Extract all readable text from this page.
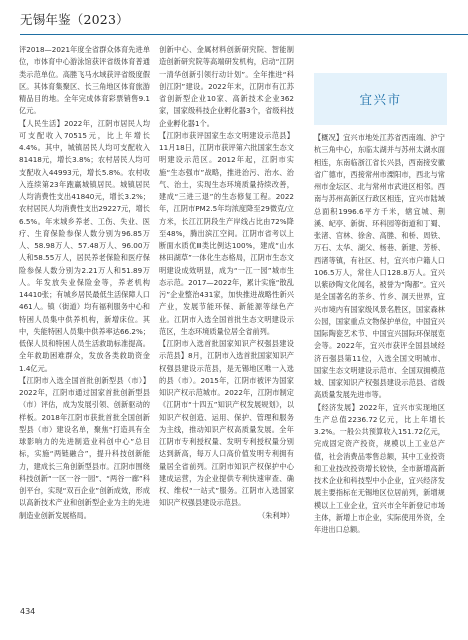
无锡年鉴（2023）

评2018—2021年度全省群众体育先进单位，市体育中心游泳馆获评省级体育普通类示范单位。高塍飞马水域获评省级度假区。其体育集聚区、长三角地区体育旅游精品目的地。全年完成体育彩票销售9.1亿元。

【人民生活】2022年，江阴市居民人均可支配收入70515元，比上年增长4.4%。其中，城镇居民人均可支配收入81418元，增长3.8%；农村居民人均可支配收入44993元，增长5.8%。农村收入连续第23年跑赢城镇居民。城镇居民人均消费性支出41840元，增长3.2%；农村居民人均消费性支出29227元，增长6.5%。年末城乡养老、工伤、失业、医疗、生育保险参保人数分别为96.85万人、58.98万人、57.48万人、96.00万人和58.55万人，居民养老保险和医疗保险参保人数分别为2.21万人和51.89万人。年发放失业保险金等，养老机构14410张；有城乡居民最低生活保障人口461人。镇（街道）均有福利服务中心和特困人员集中供养机构，新增床位。其中，失能特困人员集中供养率达66.2%；低保人员和特困人员生活救助标准提高。全年救助困难群众，发放各类救助资金1.4亿元。

【江阴市入选全国首批创新型县（市）】2022年，江阴市通过国家首批创新型县（市）评估，成为发展引领、创新驱动的样板。2018年江阴市获批首批全国创新型县（市）建设名单，聚焦“打造具有全球影响力的先进制造业科创中心”总目标，实施“两链融合”，提升科技创新能力，建成长三角创新型县市。江阴市围绕科技创新“一区一谷一园”、“两谷一廊”科创平台，实现“双百企业”创新成效，形成以高新技术产业和创新型企业为主的先进制造业创新发展格局。

创新中心、金属材料创新研究院、智能制造创新研究院等高端研发机构，启动“江阴一清华创新引领行动计划”。全年推进“科创江阴”建设。2022年末，江阴市有江苏省创新型企业10家、高新技术企业362家，国家级科技企业孵化器3个，省级科技企业孵化器1个。

【江阴市获评国家生态文明建设示范县】11月18日，江阴市获评第六批国家生态文明建设示范区。2012年起，江阴市实施“生态强市”战略，推进治污、治水、治气、治土，实现生态环境质量持续改善，建成“三进三退”的生态修复工程。2022年，江阴市PM2.5年均浓度降至29微克/立方米，长江江阴段生产岸线占比由72%降至48%，腾出滨江空间。江阴市省考以上断面水质优Ⅲ类比例达100%，建成“山水林田湖草”一体化生态格局，江阴市生态文明建设成效明显，成为“一江一园”城市生态示范。2017—2022年，累计实施“散乱污”企业整治431家，加快推进战略性新兴产业，发展节能环保、新能源等绿色产业。江阴市入选全国首批生态文明建设示范区，生态环境质量位居全省前列。

【江阴市入选首批国家知识产权强县建设示范县】8月，江阴市入选首批国家知识产权强县建设示范县，是无锡地区唯一入选的县（市）。2015年，江阴市被评为国家知识产权示范城市。2022年，江阴市制定《江阴市“十四五”知识产权发展规划》，以知识产权创造、运用、保护、管理和服务为主线，推动知识产权高质量发展。全年江阴市专利授权量、发明专利授权量分别达到新高，每万人口高价值发明专利拥有量居全省前列。江阴市知识产权保护中心建成运营，为企业提供专利快速审查、确权、维权“一站式”服务。江阴市入选国家知识产权强县建设示范县。

（朱利坤）

宜兴市

【概况】宜兴市地处江苏省西南端、沪宁杭三角中心，东临太湖并与苏州太湖水面相连，东南临浙江省长兴县，西南接安徽省广德市，西接常州市溧阳市，西北与常州市金坛区、北与常州市武进区相邻。西南与苏州高新区行政区相连，宜兴市陆域总面积1996.6平方千米，辖宜城、荆溪、屺亭、新街、环科园等街道和丁蜀、张渚、官林、徐舍、高塍、和桥、周铁、万石、太华、湖父、杨巷、新建、芳桥、西渚等镇，有社区、村，宜兴市户籍人口106.5万人，常住人口128.8万人。宜兴以紫砂陶文化闻名，被誉为“陶都”。宜兴是全国著名的茶乡、竹乡、洞天世界，宜兴市境内有国家级风景名胜区，国家森林公园，国家重点文物保护单位，中国宜兴国际陶瓷艺术节、中国宜兴国际环保展览会等。2022年，宜兴市获评全国县域经济百强县第11位，入选全国文明城市、国家生态文明建设示范市、全国双拥模范城、国家知识产权强县建设示范县、省级高质量发展先进市等。

【经济发展】2022年，宜兴市实现地区生产总值2236.72亿元，比上年增长3.2%。一般公共预算收入151.72亿元，完成固定资产投资，规模以上工业总产值，社会消费品零售总额，其中工业投资和工业技改投资增长较快，全市新增高新技术企业和科技型中小企业，宜兴经济发展主要指标在无锡地区位居前列，新增规模以上工业企业，宜兴市全年新登记市场主体，新增上市企业，实际使用外资，全年进出口总额。

434
